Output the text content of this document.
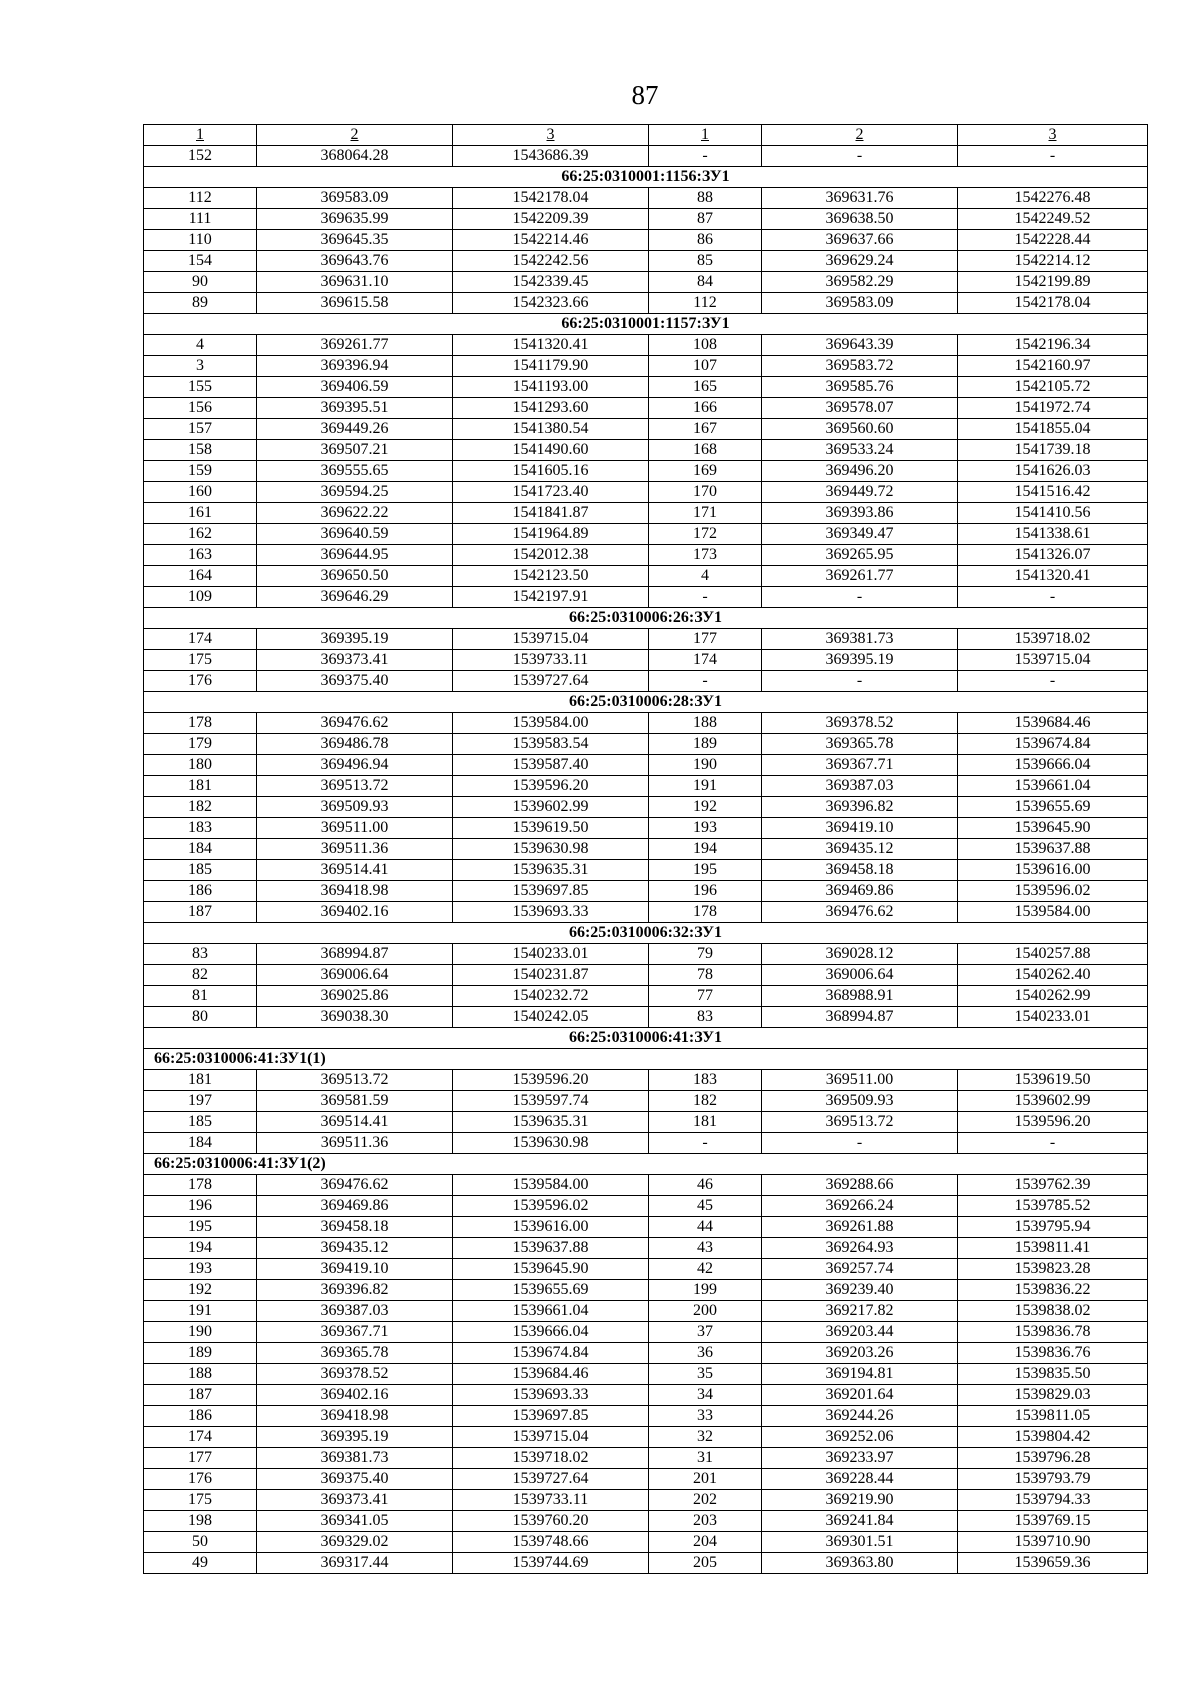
87
1	2	3	1	2	3
152	368064.28	1543686.39	-	-	-
66:25:0310001:1156:ЗУ1					
112	369583.09	1542178.04	88	369631.76	1542276.48
111	369635.99	1542209.39	87	369638.50	1542249.52
110	369645.35	1542214.46	86	369637.66	1542228.44
154	369643.76	1542242.56	85	369629.24	1542214.12
90	369631.10	1542339.45	84	369582.29	1542199.89
89	369615.58	1542323.66	112	369583.09	1542178.04
66:25:0310001:1157:ЗУ1					
4	369261.77	1541320.41	108	369643.39	1542196.34
3	369396.94	1541179.90	107	369583.72	1542160.97
155	369406.59	1541193.00	165	369585.76	1542105.72
156	369395.51	1541293.60	166	369578.07	1541972.74
157	369449.26	1541380.54	167	369560.60	1541855.04
158	369507.21	1541490.60	168	369533.24	1541739.18
159	369555.65	1541605.16	169	369496.20	1541626.03
160	369594.25	1541723.40	170	369449.72	1541516.42
161	369622.22	1541841.87	171	369393.86	1541410.56
162	369640.59	1541964.89	172	369349.47	1541338.61
163	369644.95	1542012.38	173	369265.95	1541326.07
164	369650.50	1542123.50	4	369261.77	1541320.41
109	369646.29	1542197.91	-	-	-
66:25:0310006:26:ЗУ1					
174	369395.19	1539715.04	177	369381.73	1539718.02
175	369373.41	1539733.11	174	369395.19	1539715.04
176	369375.40	1539727.64	-	-	-
66:25:0310006:28:ЗУ1					
178	369476.62	1539584.00	188	369378.52	1539684.46
179	369486.78	1539583.54	189	369365.78	1539674.84
180	369496.94	1539587.40	190	369367.71	1539666.04
181	369513.72	1539596.20	191	369387.03	1539661.04
182	369509.93	1539602.99	192	369396.82	1539655.69
183	369511.00	1539619.50	193	369419.10	1539645.90
184	369511.36	1539630.98	194	369435.12	1539637.88
185	369514.41	1539635.31	195	369458.18	1539616.00
186	369418.98	1539697.85	196	369469.86	1539596.02
187	369402.16	1539693.33	178	369476.62	1539584.00
66:25:0310006:32:ЗУ1					
83	368994.87	1540233.01	79	369028.12	1540257.88
82	369006.64	1540231.87	78	369006.64	1540262.40
81	369025.86	1540232.72	77	368988.91	1540262.99
80	369038.30	1540242.05	83	368994.87	1540233.01
66:25:0310006:41:ЗУ1					
66:25:0310006:41:ЗУ1(1)					
181	369513.72	1539596.20	183	369511.00	1539619.50
197	369581.59	1539597.74	182	369509.93	1539602.99
185	369514.41	1539635.31	181	369513.72	1539596.20
184	369511.36	1539630.98	-	-	-
66:25:0310006:41:ЗУ1(2)					
178	369476.62	1539584.00	46	369288.66	1539762.39
196	369469.86	1539596.02	45	369266.24	1539785.52
195	369458.18	1539616.00	44	369261.88	1539795.94
194	369435.12	1539637.88	43	369264.93	1539811.41
193	369419.10	1539645.90	42	369257.74	1539823.28
192	369396.82	1539655.69	199	369239.40	1539836.22
191	369387.03	1539661.04	200	369217.82	1539838.02
190	369367.71	1539666.04	37	369203.44	1539836.78
189	369365.78	1539674.84	36	369203.26	1539836.76
188	369378.52	1539684.46	35	369194.81	1539835.50
187	369402.16	1539693.33	34	369201.64	1539829.03
186	369418.98	1539697.85	33	369244.26	1539811.05
174	369395.19	1539715.04	32	369252.06	1539804.42
177	369381.73	1539718.02	31	369233.97	1539796.28
176	369375.40	1539727.64	201	369228.44	1539793.79
175	369373.41	1539733.11	202	369219.90	1539794.33
198	369341.05	1539760.20	203	369241.84	1539769.15
50	369329.02	1539748.66	204	369301.51	1539710.90
49	369317.44	1539744.69	205	369363.80	1539659.36
